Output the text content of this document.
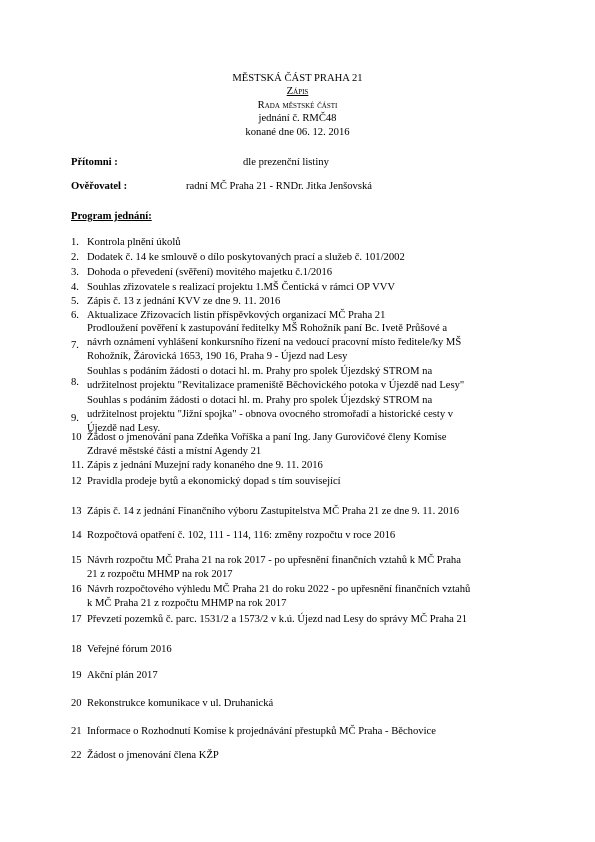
MĚSTSKÁ ČÁST PRAHA 21
Zápis
Rada městské části
jednání č. RMČ48
konané dne 06. 12. 2016
Přítomni :	dle prezenční listiny
Ověřovatel :	radní MČ Praha 21 - RNDr. Jitka Jenšovská
Program jednání:
1. Kontrola plnění úkolů
2. Dodatek č. 14 ke smlouvě o dílo poskytovaných prací a služeb č. 101/2002
3. Dohoda o převedení (svěření) movitého majetku č.1/2016
4. Souhlas zřizovatele s realizací projektu 1.MŠ Čentická v rámci OP VVV
5. Zápis č. 13 z jednání KVV ze dne 9. 11. 2016
6. Aktualizace Zřizovacích listin příspěvkových organizací MČ Praha 21
7.
Prodloužení pověření k zastupování ředitelky MŠ Rohožník paní Bc. Ivetě Průšové a
návrh oznámení vyhlášení konkursního řízení na vedoucí pracovní místo ředitele/ky MŠ
Rohožník, Žárovická 1653, 190 16, Praha 9 - Újezd nad Lesy
8.
Souhlas s podáním žádosti o dotaci hl. m. Prahy pro spolek Újezdský STROM na
udržitelnost projektu "Revitalizace prameniště Běchovického potoka v Újezdě nad Lesy"
9.
Souhlas s podáním žádosti o dotaci hl. m. Prahy pro spolek Újezdský STROM na
udržitelnost projektu "Jižní spojka" - obnova ovocného stromořadí a historické cesty v
Újezdě nad Lesy.
10 Žádost o jmenování pana Zdeňka Voříška a paní Ing. Jany Gurovičové členy Komise
Zdravé městské části a místní Agendy 21
11. Zápis z jednání Muzejní rady konaného dne 9. 11. 2016
12 Pravidla prodeje bytů a ekonomický dopad s tím související
13 Zápis č. 14 z jednání Finančního výboru Zastupitelstva MČ Praha 21 ze dne 9. 11. 2016
14 Rozpočtová opatření č. 102, 111 - 114, 116: změny rozpočtu v roce 2016
15 Návrh rozpočtu MČ Praha 21 na rok 2017 - po upřesnění finančních vztahů k MČ Praha
21 z rozpočtu MHMP na rok 2017
16 Návrh rozpočtového výhledu MČ Praha 21 do roku 2022 - po upřesnění finančních vztahů
k MČ Praha 21 z rozpočtu MHMP na rok 2017
17 Převzetí pozemků č. parc. 1531/2 a 1573/2 v k.ú. Újezd nad Lesy do správy MČ Praha 21
18 Veřejné fórum 2016
19 Akční plán 2017
20 Rekonstrukce komunikace v ul. Druhanická
21 Informace o Rozhodnutí Komise k projednávání přestupků MČ Praha - Běchovice
22 Žádost o jmenování člena KŽP
